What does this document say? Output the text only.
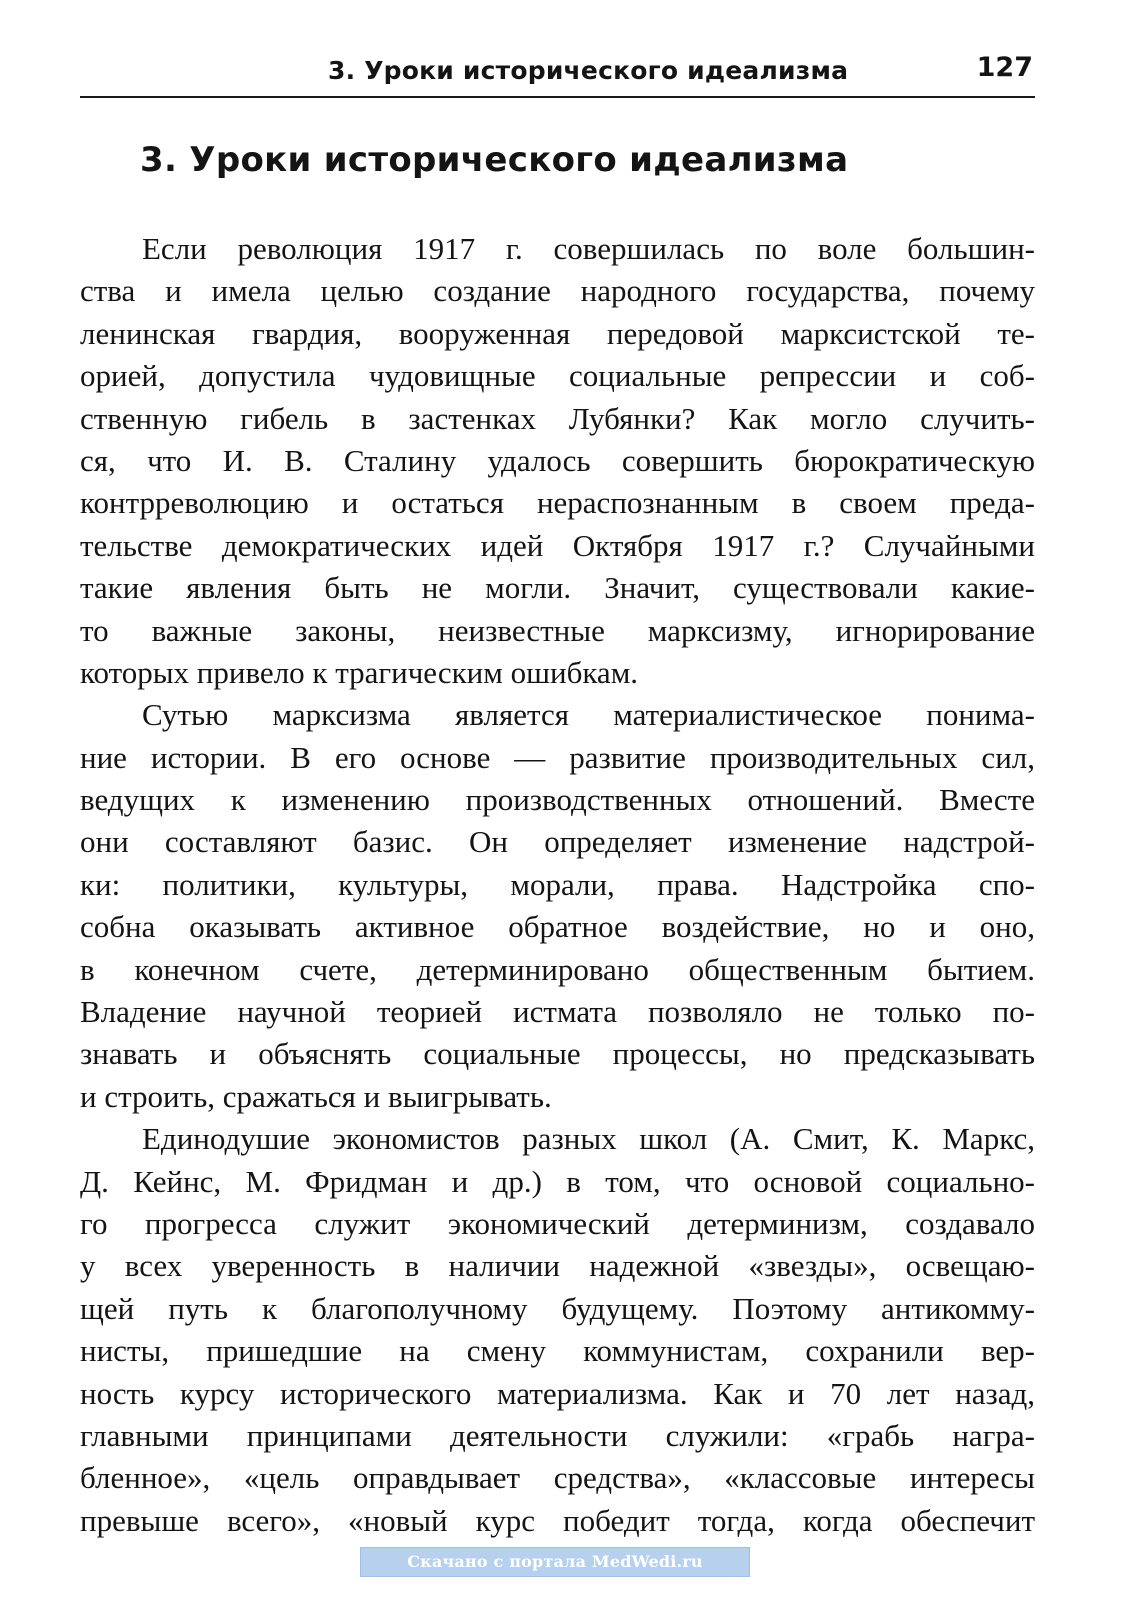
3. Уроки исторического идеализма	127
3. Уроки исторического идеализма
Если революция 1917 г. совершилась по воле большин-
ства и имела целью создание народного государства, почему
ленинская гвардия, вооруженная передовой марксистской те-
орией, допустила чудовищные социальные репрессии и соб-
ственную гибель в застенках Лубянки? Как могло случить-
ся, что И. В. Сталину удалось совершить бюрократическую
контрреволюцию и остаться нераспознанным в своем преда-
тельстве демократических идей Октября 1917 г.? Случайными
такие явления быть не могли. Значит, существовали какие-
то важные законы, неизвестные марксизму, игнорирование
которых привело к трагическим ошибкам.
Сутью марксизма является материалистическое понима-
ние истории. В его основе — развитие производительных сил,
ведущих к изменению производственных отношений. Вместе
они составляют базис. Он определяет изменение надстрой-
ки: политики, культуры, морали, права. Надстройка спо-
собна оказывать активное обратное воздействие, но и оно,
в конечном счете, детерминировано общественным бытием.
Владение научной теорией истмата позволяло не только по-
знавать и объяснять социальные процессы, но предсказывать
и строить, сражаться и выигрывать.
Единодушие экономистов разных школ (А. Смит, К. Маркс,
Д. Кейнс, М. Фридман и др.) в том, что основой социально-
го прогресса служит экономический детерминизм, создавало
у всех уверенность в наличии надежной «звезды», освещаю-
щей путь к благополучному будущему. Поэтому антикомму-
нисты, пришедшие на смену коммунистам, сохранили вер-
ность курсу исторического материализма. Как и 70 лет назад,
главными принципами деятельности служили: «грабь награ-
бленное», «цель оправдывает средства», «классовые интересы
превыше всего», «новый курс победит тогда, когда обеспечит
Скачано с портала MedWedi.ru
